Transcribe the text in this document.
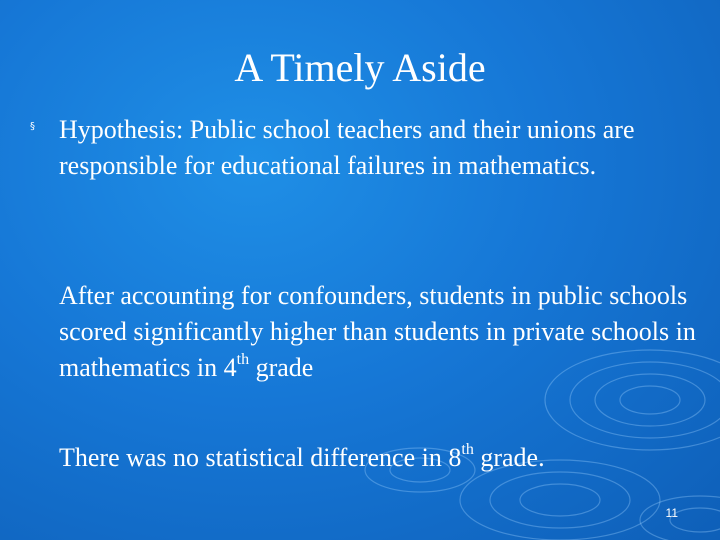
A Timely Aside
§ Hypothesis: Public school teachers and their unions are responsible for educational failures in mathematics.
After accounting for confounders, students in public schools scored significantly higher than students in private schools in mathematics in 4th grade
There was no statistical difference in 8th grade.
11
